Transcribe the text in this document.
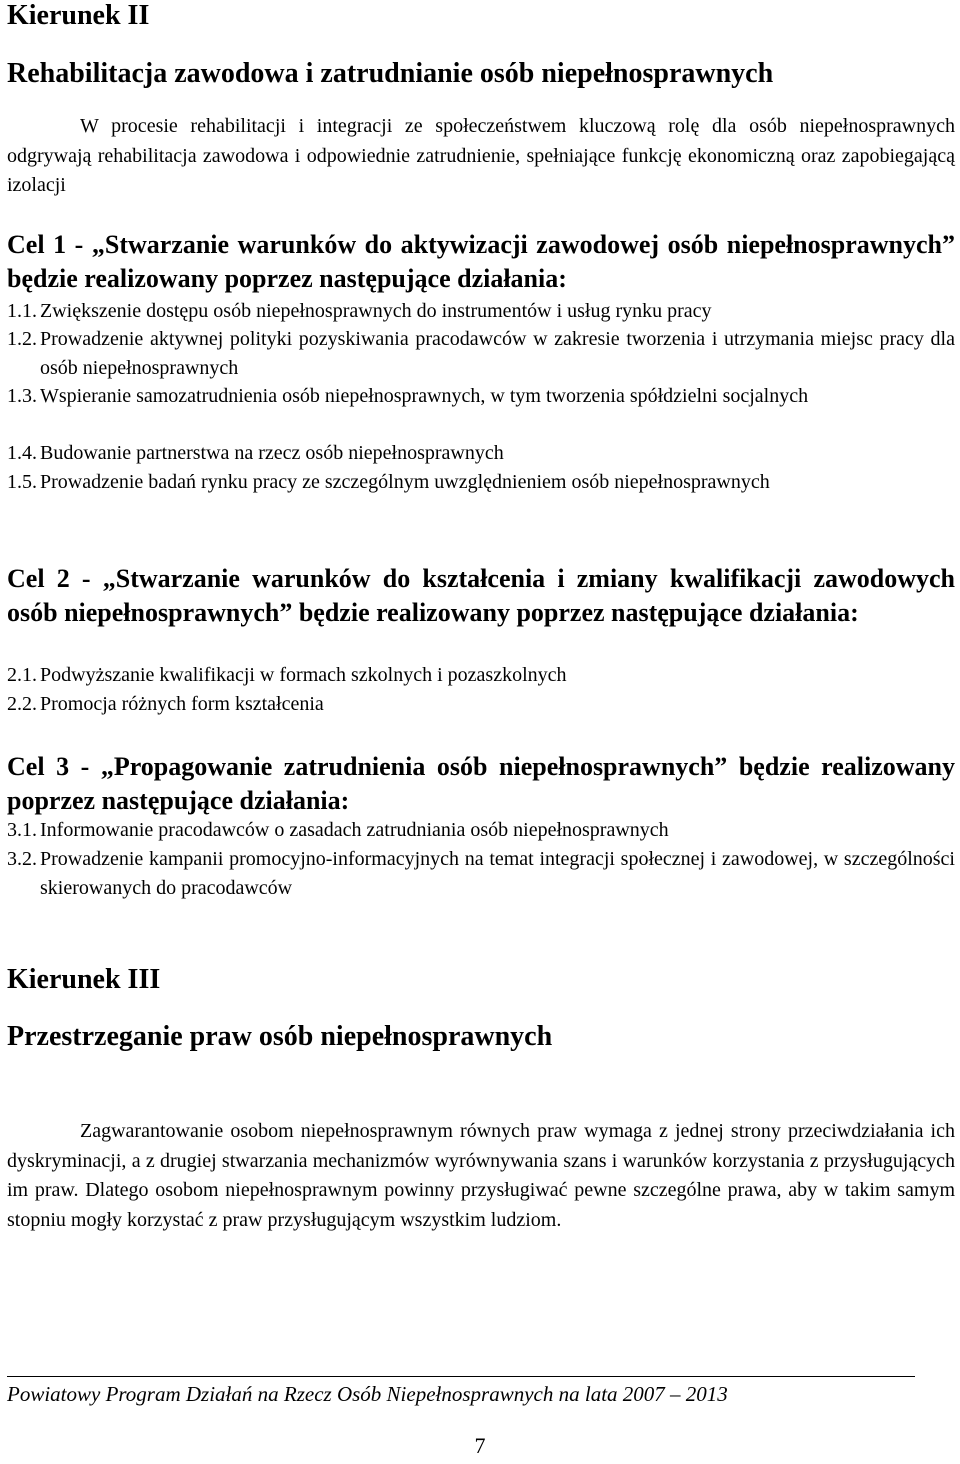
Kierunek II
Rehabilitacja zawodowa i zatrudnianie osób niepełnosprawnych

W procesie rehabilitacji i integracji ze społeczeństwem kluczową rolę dla osób niepełnosprawnych odgrywają rehabilitacja zawodowa i odpowiednie zatrudnienie, spełniające funkcję ekonomiczną oraz zapobiegającą izolacji

Cel 1 - „Stwarzanie warunków do aktywizacji zawodowej osób niepełnosprawnych” będzie realizowany poprzez następujące działania:
1.1. Zwiększenie dostępu osób niepełnosprawnych do instrumentów i usług rynku pracy
1.2. Prowadzenie aktywnej polityki pozyskiwania pracodawców w zakresie tworzenia i utrzymania miejsc pracy dla osób niepełnosprawnych
1.3. Wspieranie samozatrudnienia osób niepełnosprawnych, w tym tworzenia spółdzielni socjalnych
1.4. Budowanie partnerstwa na rzecz osób niepełnosprawnych
1.5. Prowadzenie badań rynku pracy ze szczególnym uwzględnieniem osób niepełnosprawnych
Cel 2 - „Stwarzanie warunków do kształcenia i zmiany kwalifikacji zawodowych osób niepełnosprawnych” będzie realizowany poprzez następujące działania:
2.1. Podwyższanie kwalifikacji w formach szkolnych i pozaszkolnych
2.2. Promocja różnych form kształcenia
Cel 3 - „Propagowanie zatrudnienia osób niepełnosprawnych” będzie realizowany poprzez następujące działania:
3.1. Informowanie pracodawców o zasadach zatrudniania osób niepełnosprawnych
3.2. Prowadzenie kampanii promocyjno-informacyjnych na temat integracji społecznej i zawodowej, w szczególności skierowanych do pracodawców
Kierunek III
Przestrzeganie praw osób niepełnosprawnych

Zagwarantowanie osobom niepełnosprawnym równych praw wymaga z jednej strony przeciwdziałania ich dyskryminacji, a z drugiej stwarzania mechanizmów wyrównywania szans i warunków korzystania z przysługujących im praw. Dlatego osobom niepełnosprawnym powinny przysługiwać pewne szczególne prawa, aby w takim samym stopniu mogły korzystać z praw przysługującym wszystkim ludziom.

Powiatowy Program Działań na Rzecz Osób Niepełnosprawnych na lata 2007 – 2013
7
